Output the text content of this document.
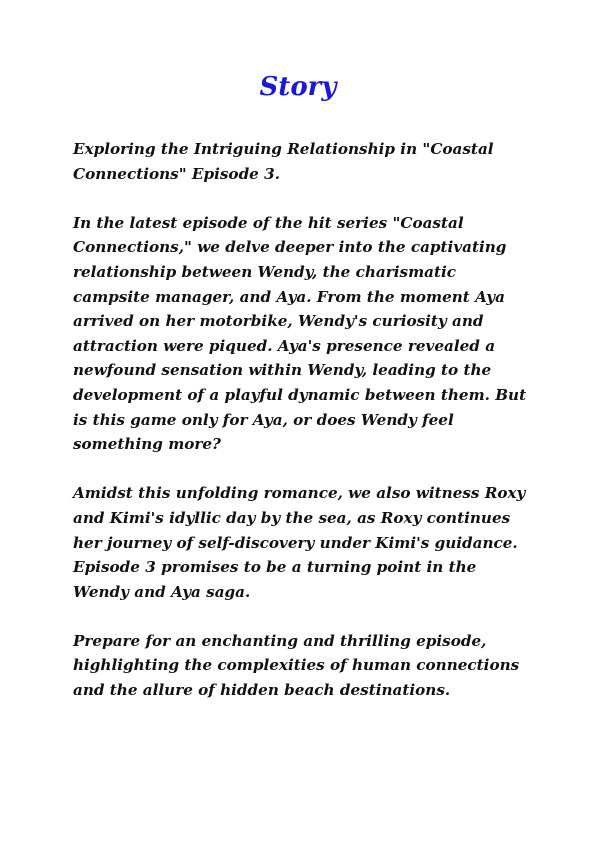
Story

Exploring the Intriguing Relationship in "Coastal Connections" Episode 3.

In the latest episode of the hit series "Coastal Connections," we delve deeper into the captivating relationship between Wendy, the charismatic campsite manager, and Aya. From the moment Aya arrived on her motorbike, Wendy's curiosity and attraction were piqued. Aya's presence revealed a newfound sensation within Wendy, leading to the development of a playful dynamic between them. But is this game only for Aya, or does Wendy feel something more?

Amidst this unfolding romance, we also witness Roxy and Kimi's idyllic day by the sea, as Roxy continues her journey of self-discovery under Kimi's guidance. Episode 3 promises to be a turning point in the Wendy and Aya saga.

Prepare for an enchanting and thrilling episode, highlighting the complexities of human connections and the allure of hidden beach destinations.
